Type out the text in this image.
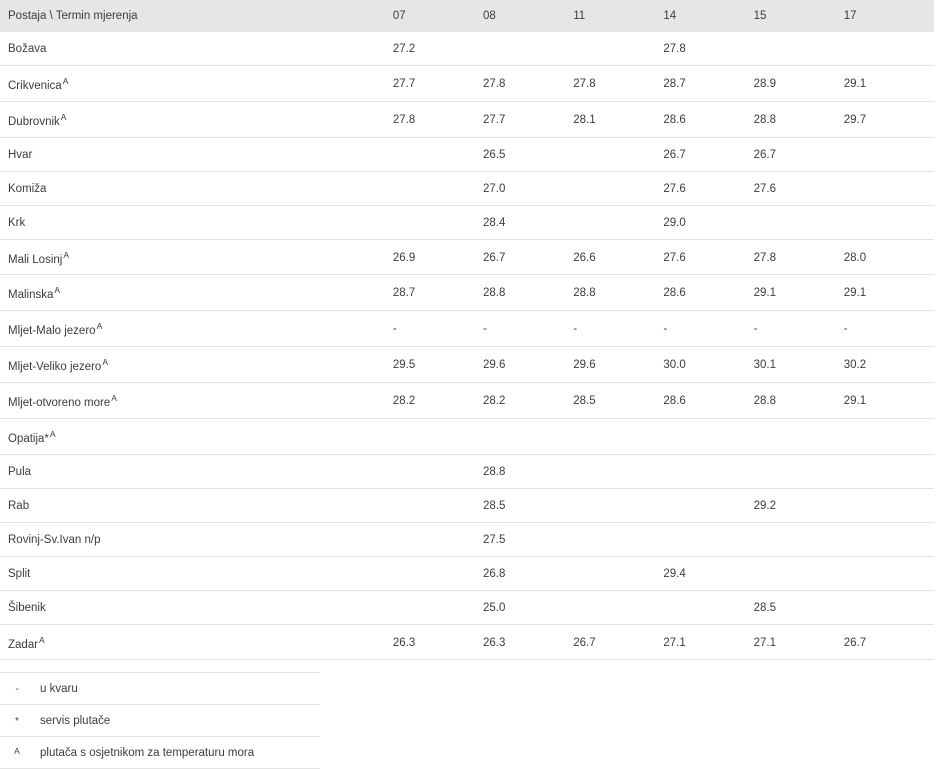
Postaja \ Termin mjerenja	07	08	11	14	15	17
Božava	27.2			27.8		
Crikvenica$^A$	27.7	27.8	27.8	28.7	28.9	29.1
Dubrovnik$^A$	27.8	27.7	28.1	28.6	28.8	29.7
Hvar		26.5		26.7	26.7	
Komiža		27.0		27.6	27.6	
Krk		28.4		29.0		
Mali Losinj$^A$	26.9	26.7	26.6	27.6	27.8	28.0
Malinska$^A$	28.7	28.8	28.8	28.6	29.1	29.1
Mljet-Malo jezero$^A$	-	-	-	-	-	-
Mljet-Veliko jezero$^A$	29.5	29.6	29.6	30.0	30.1	30.2
Mljet-otvoreno more$^A$	28.2	28.2	28.5	28.6	28.8	29.1
Opatija*$^A$						
Pula		28.8				
Rab		28.5			29.2	
Rovinj-Sv.Ivan n/p		27.5				
Split		26.8		29.4		
Šibenik		25.0			28.5	
Zadar$^A$	26.3	26.3	26.7	27.1	27.1	26.7
-	u kvaru
*	servis plutače
A	plutača s osjetnikom za temperaturu mora
